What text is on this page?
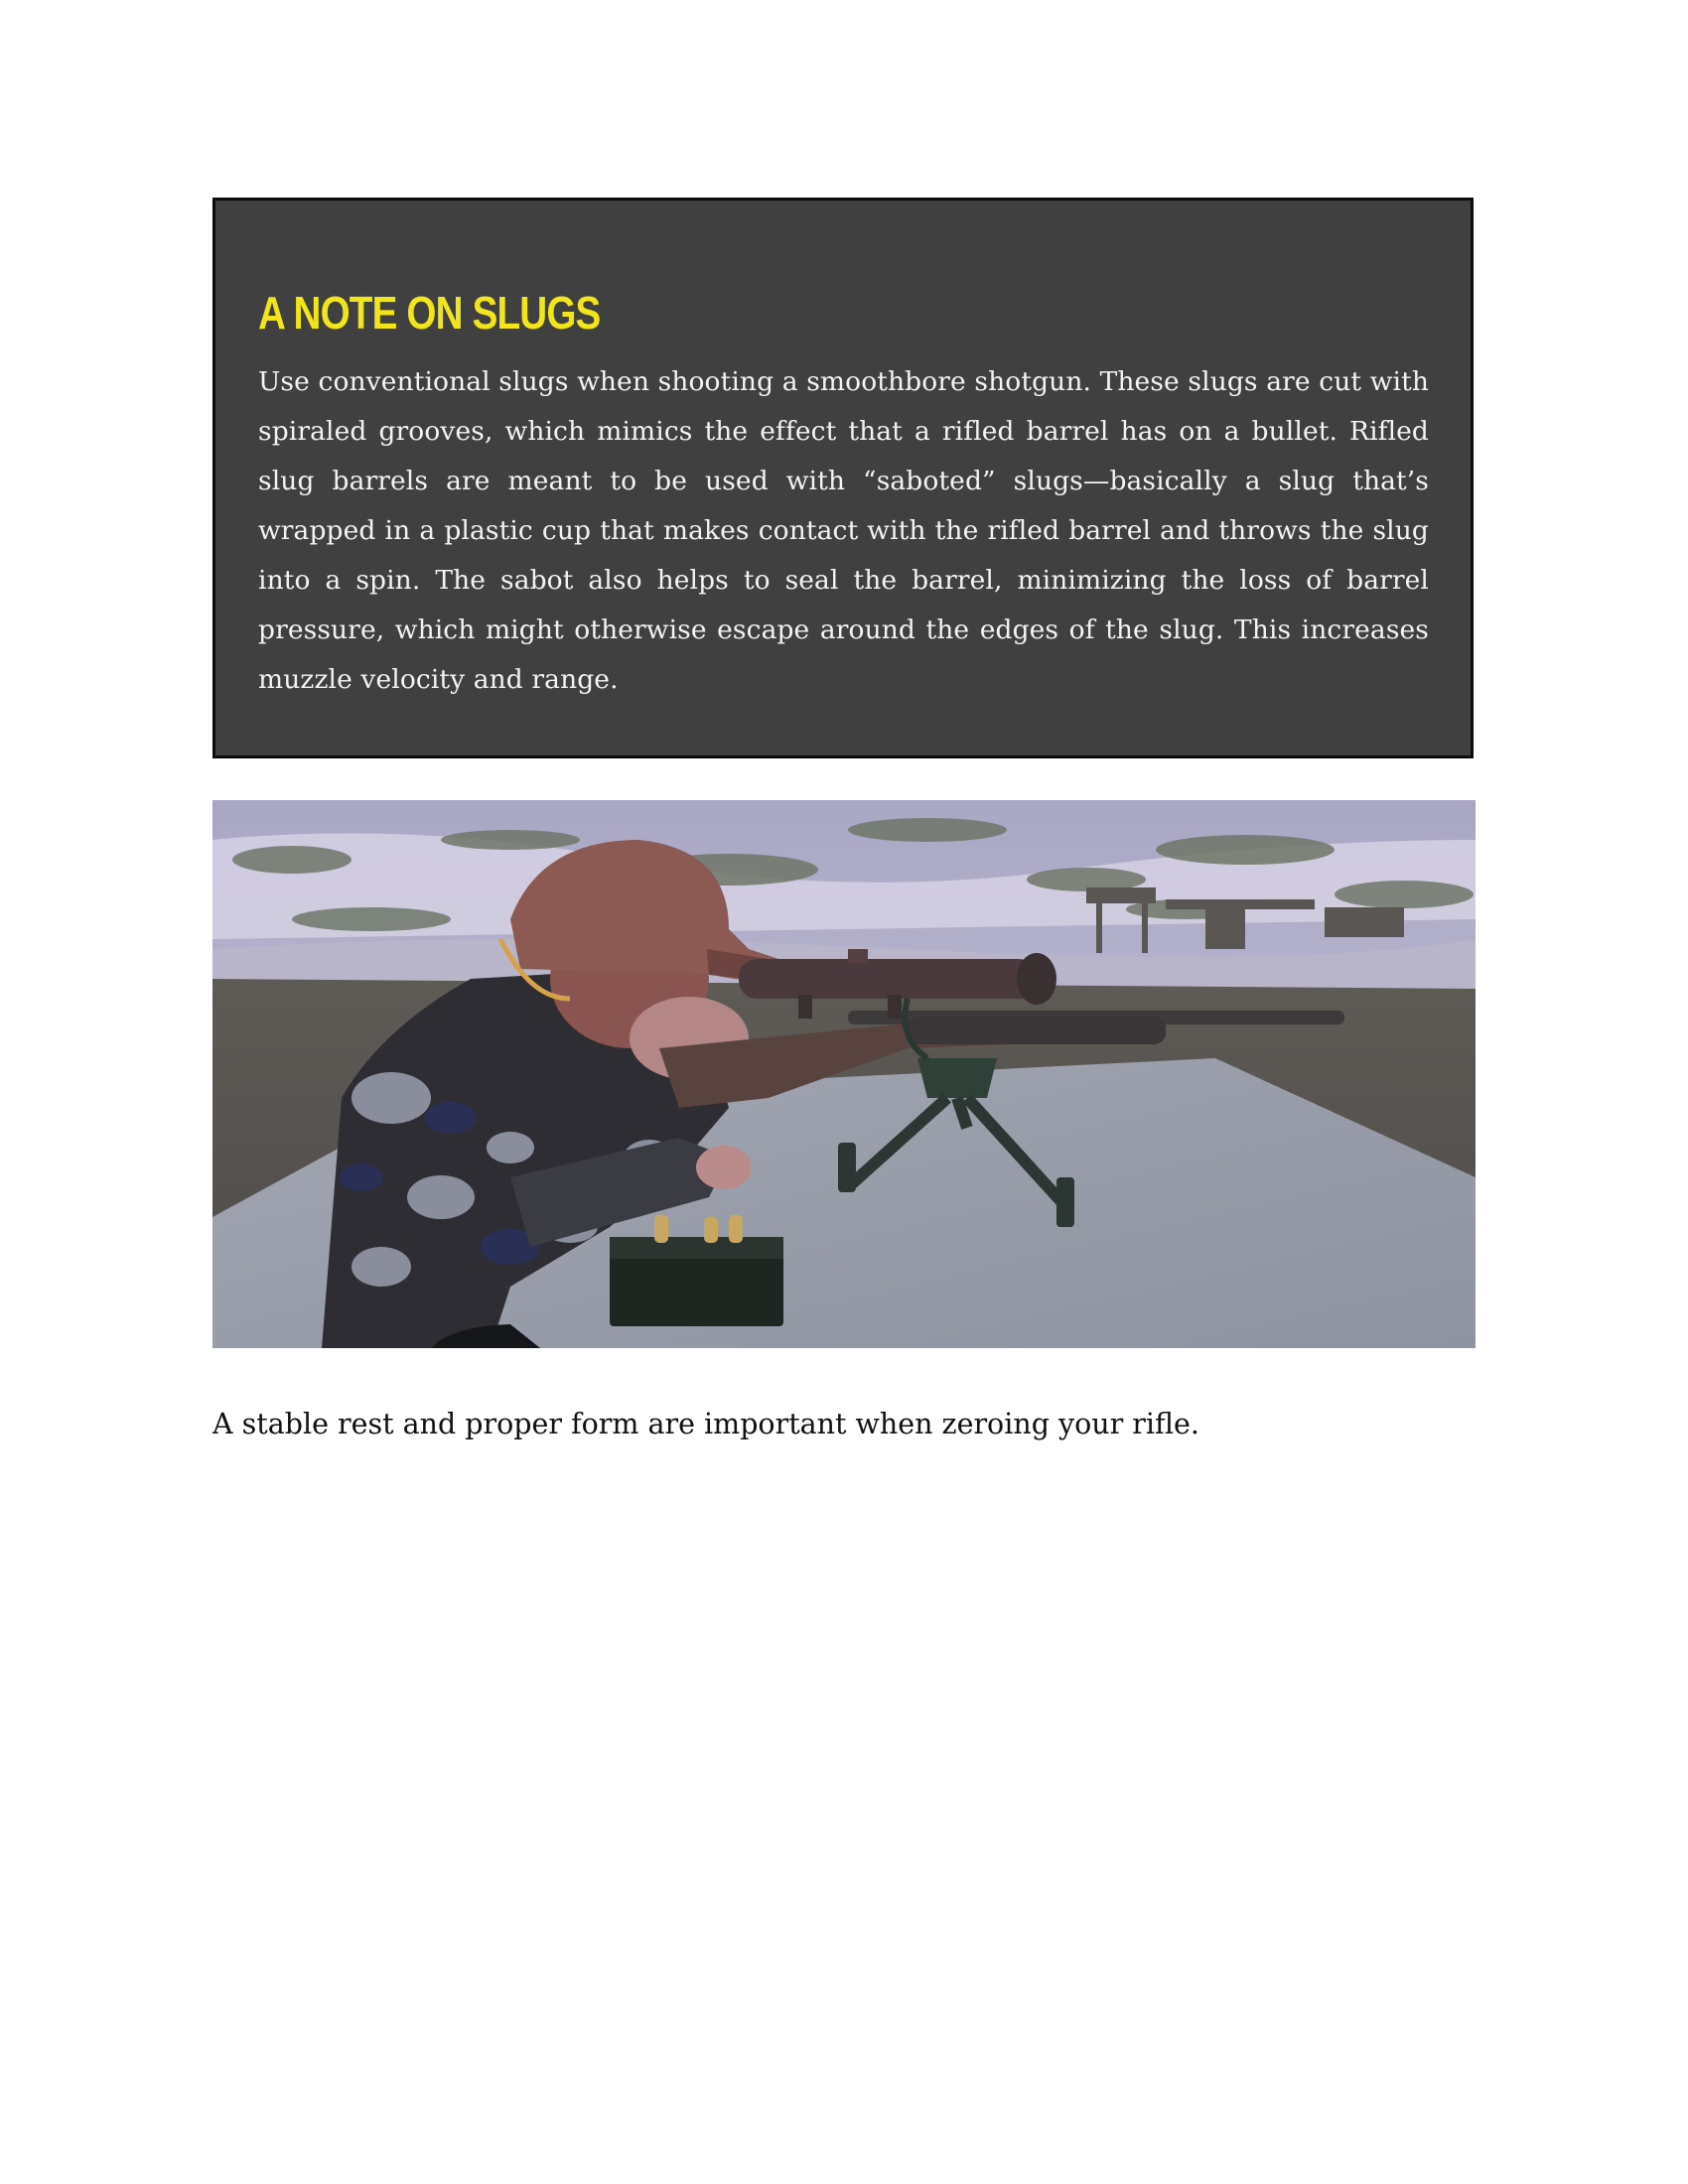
A NOTE ON SLUGS

Use conventional slugs when shooting a smoothbore shotgun. These slugs are cut with spiraled grooves, which mimics the effect that a rifled barrel has on a bullet. Rifled slug barrels are meant to be used with “saboted” slugs—basically a slug that’s wrapped in a plastic cup that makes contact with the rifled barrel and throws the slug into a spin. The sabot also helps to seal the barrel, minimizing the loss of barrel pressure, which might otherwise escape around the edges of the slug. This increases muzzle velocity and range.

A stable rest and proper form are important when zeroing your rifle.
